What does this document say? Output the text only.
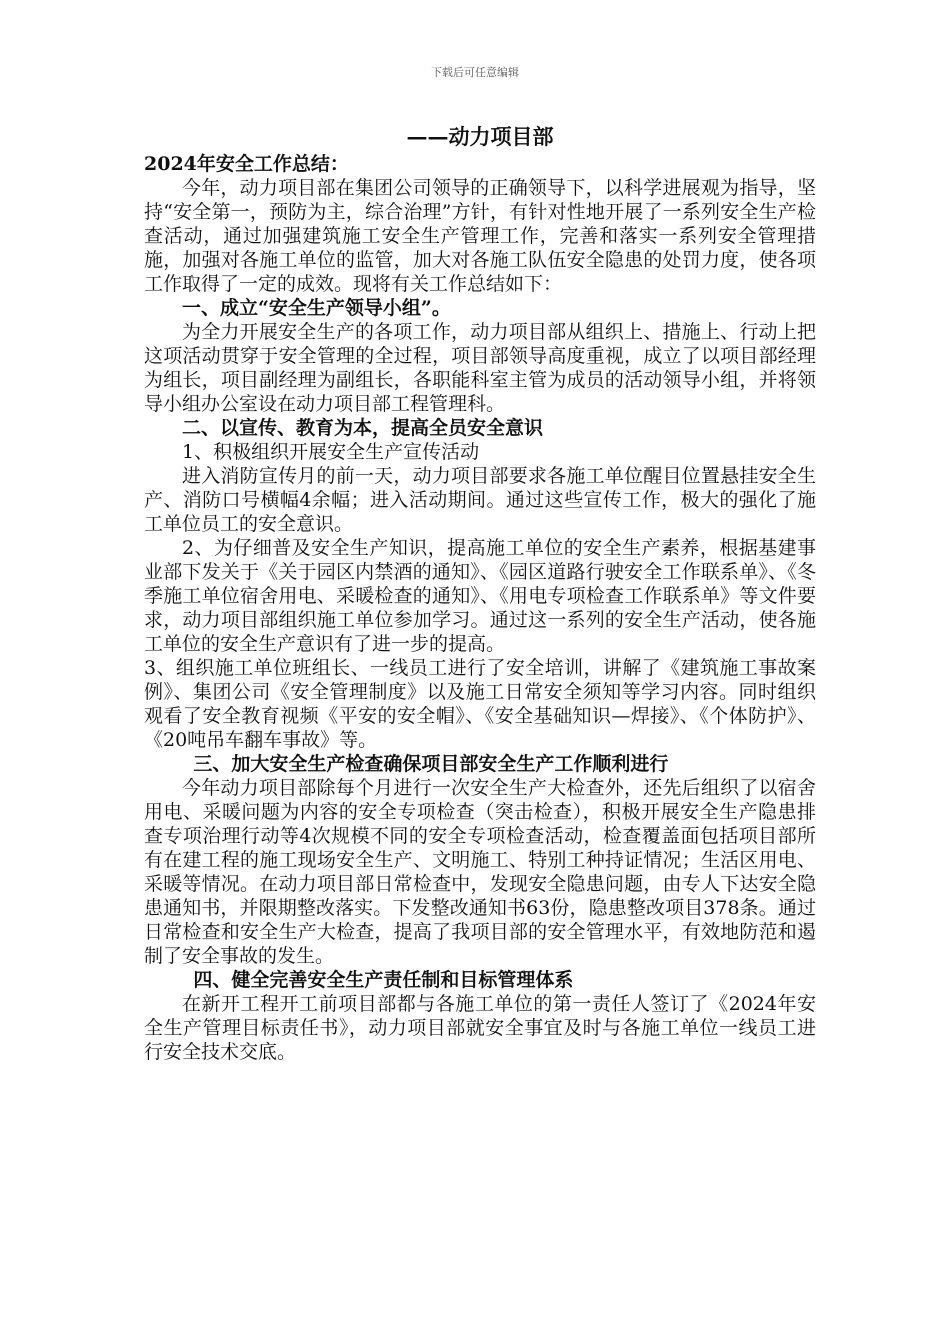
下载后可任意编辑

——动力项目部

2024年安全工作总结：

今年，动力项目部在集团公司领导的正确领导下，以科学进展观为指导，坚持“安全第一，预防为主，综合治理”方针，有针对性地开展了一系列安全生产检查活动，通过加强建筑施工安全生产管理工作，完善和落实一系列安全管理措施，加强对各施工单位的监管，加大对各施工队伍安全隐患的处罚力度，使各项工作取得了一定的成效。现将有关工作总结如下：

一、成立“安全生产领导小组”。

为全力开展安全生产的各项工作，动力项目部从组织上、措施上、行动上把这项活动贯穿于安全管理的全过程，项目部领导高度重视，成立了以项目部经理为组长，项目副经理为副组长，各职能科室主管为成员的活动领导小组，并将领导小组办公室设在动力项目部工程管理科。

二、以宣传、教育为本，提高全员安全意识

1、积极组织开展安全生产宣传活动

进入消防宣传月的前一天，动力项目部要求各施工单位醒目位置悬挂安全生产、消防口号横幅4余幅；进入活动期间。通过这些宣传工作，极大的强化了施工单位员工的安全意识。

2、为仔细普及安全生产知识，提高施工单位的安全生产素养，根据基建事业部下发关于《关于园区内禁酒的通知》、《园区道路行驶安全工作联系单》、《冬季施工单位宿舍用电、采暖检查的通知》、《用电专项检查工作联系单》等文件要求，动力项目部组织施工单位参加学习。通过这一系列的安全生产活动，使各施工单位的安全生产意识有了进一步的提高。

3、组织施工单位班组长、一线员工进行了安全培训，讲解了《建筑施工事故案例》、集团公司《安全管理制度》以及施工日常安全须知等学习内容。同时组织观看了安全教育视频《平安的安全帽》、《安全基础知识—焊接》、《个体防护》、《20吨吊车翻车事故》等。

三、加大安全生产检查确保项目部安全生产工作顺利进行

今年动力项目部除每个月进行一次安全生产大检查外，还先后组织了以宿舍用电、采暖问题为内容的安全专项检查（突击检查），积极开展安全生产隐患排查专项治理行动等4次规模不同的安全专项检查活动，检查覆盖面包括项目部所有在建工程的施工现场安全生产、文明施工、特别工种持证情况；生活区用电、采暖等情况。在动力项目部日常检查中，发现安全隐患问题，由专人下达安全隐患通知书，并限期整改落实。下发整改通知书63份，隐患整改项目378条。通过日常检查和安全生产大检查，提高了我项目部的安全管理水平，有效地防范和遏制了安全事故的发生。

四、健全完善安全生产责任制和目标管理体系

在新开工程开工前项目部都与各施工单位的第一责任人签订了《2024年安全生产管理目标责任书》，动力项目部就安全事宜及时与各施工单位一线员工进行安全技术交底。
